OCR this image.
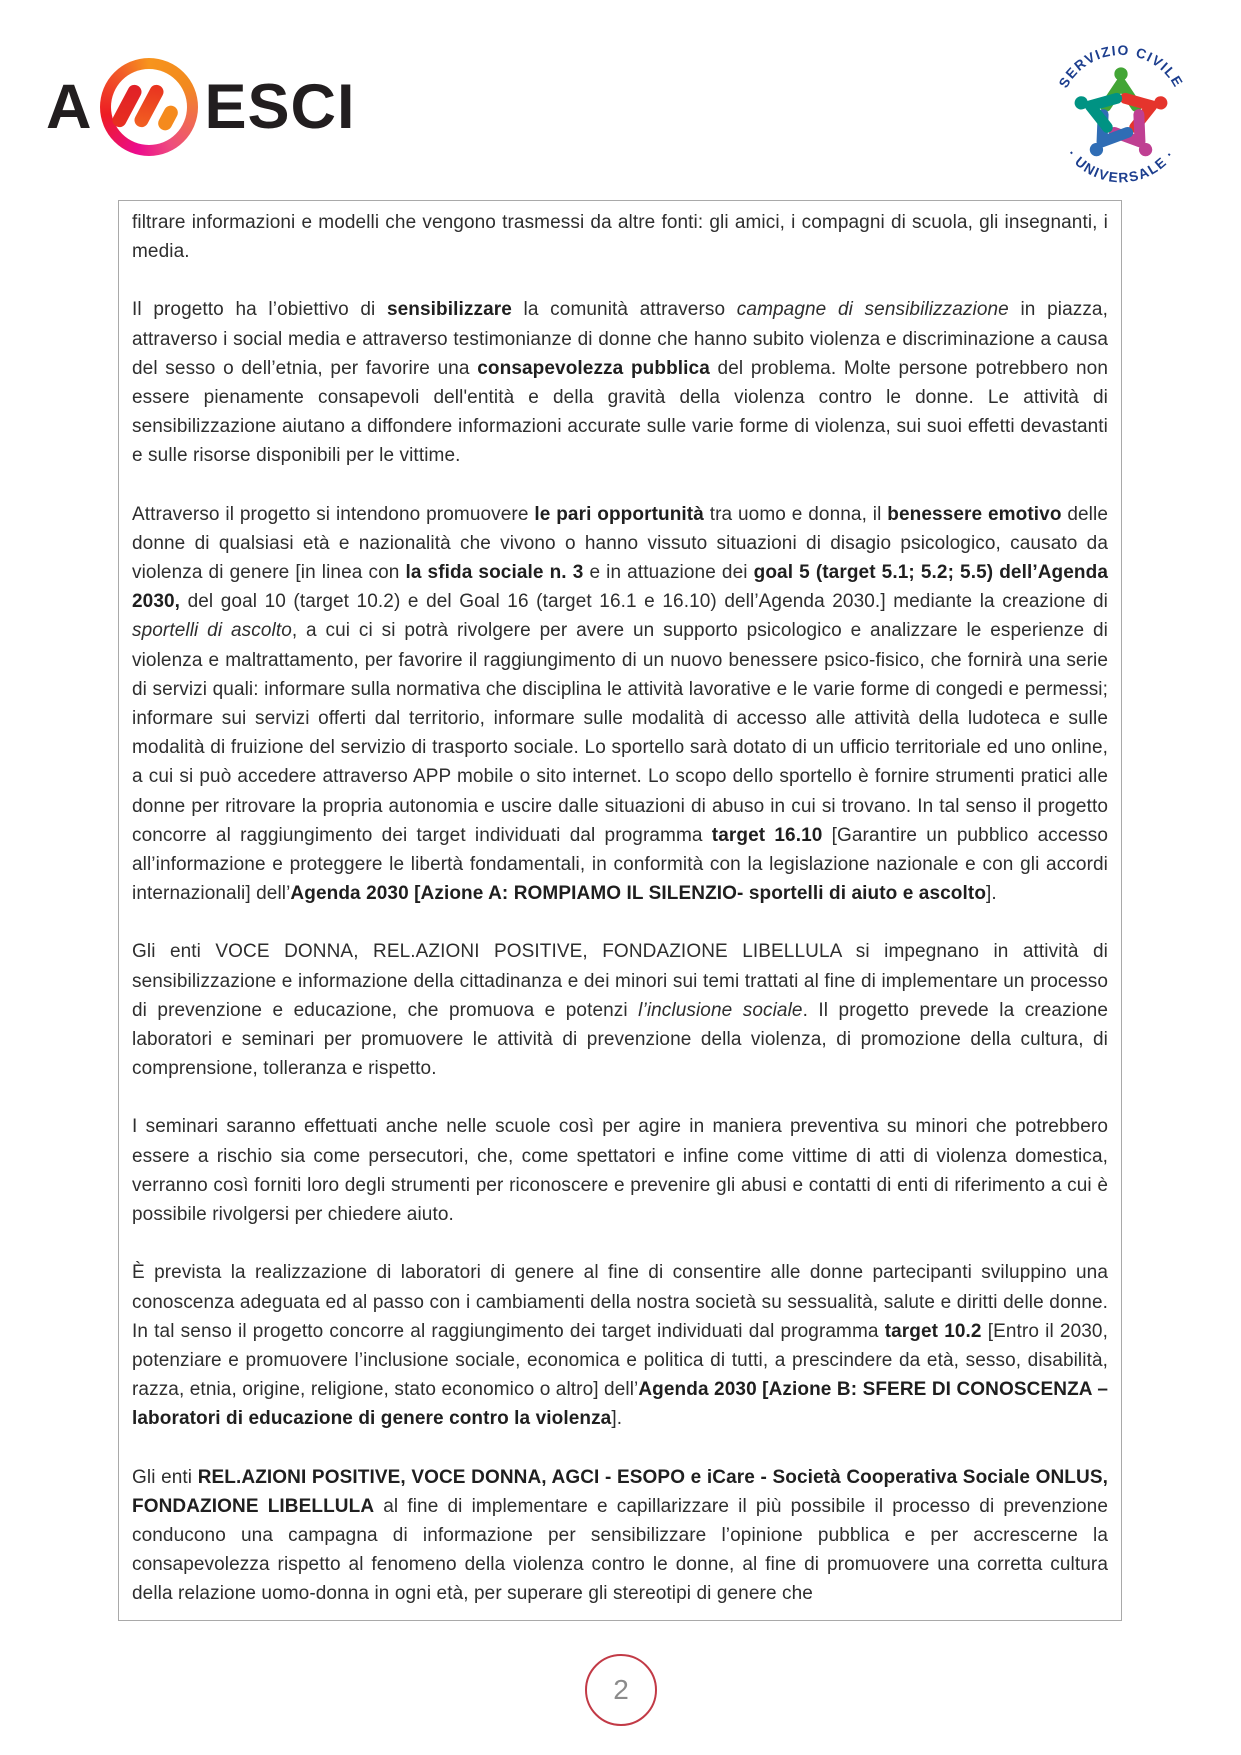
A ESCI	SERVIZIO CIVILE
· UNIVERSALE ·

filtrare informazioni e modelli che vengono trasmessi da altre fonti: gli amici, i compagni di scuola, gli insegnanti, i media.

Il progetto ha l’obiettivo di sensibilizzare la comunità attraverso campagne di sensibilizzazione in piazza, attraverso i social media e attraverso testimonianze di donne che hanno subito violenza e discriminazione a causa del sesso o dell’etnia, per favorire una consapevolezza pubblica del problema. Molte persone potrebbero non essere pienamente consapevoli dell'entità e della gravità della violenza contro le donne. Le attività di sensibilizzazione aiutano a diffondere informazioni accurate sulle varie forme di violenza, sui suoi effetti devastanti e sulle risorse disponibili per le vittime.

Attraverso il progetto si intendono promuovere le pari opportunità tra uomo e donna, il benessere emotivo delle donne di qualsiasi età e nazionalità che vivono o hanno vissuto situazioni di disagio psicologico, causato da violenza di genere [in linea con la sfida sociale n. 3 e in attuazione dei goal 5 (target 5.1; 5.2; 5.5) dell’Agenda 2030, del goal 10 (target 10.2) e del Goal 16 (target 16.1 e 16.10) dell’Agenda 2030.] mediante la creazione di sportelli di ascolto, a cui ci si potrà rivolgere per avere un supporto psicologico e analizzare le esperienze di violenza e maltrattamento, per favorire il raggiungimento di un nuovo benessere psico-fisico, che fornirà una serie di servizi quali: informare sulla normativa che disciplina le attività lavorative e le varie forme di congedi e permessi; informare sui servizi offerti dal territorio, informare sulle modalità di accesso alle attività della ludoteca e sulle modalità di fruizione del servizio di trasporto sociale. Lo sportello sarà dotato di un ufficio territoriale ed uno online, a cui si può accedere attraverso APP mobile o sito internet. Lo scopo dello sportello è fornire strumenti pratici alle donne per ritrovare la propria autonomia e uscire dalle situazioni di abuso in cui si trovano. In tal senso il progetto concorre al raggiungimento dei target individuati dal programma target 16.10 [Garantire un pubblico accesso all’informazione e proteggere le libertà fondamentali, in conformità con la legislazione nazionale e con gli accordi internazionali] dell’Agenda 2030 [Azione A: ROMPIAMO IL SILENZIO- sportelli di aiuto e ascolto].

Gli enti VOCE DONNA, REL.AZIONI POSITIVE, FONDAZIONE LIBELLULA si impegnano in attività di sensibilizzazione e informazione della cittadinanza e dei minori sui temi trattati al fine di implementare un processo di prevenzione e educazione, che promuova e potenzi l’inclusione sociale. Il progetto prevede la creazione laboratori e seminari per promuovere le attività di prevenzione della violenza, di promozione della cultura, di comprensione, tolleranza e rispetto.

I seminari saranno effettuati anche nelle scuole così per agire in maniera preventiva su minori che potrebbero essere a rischio sia come persecutori, che, come spettatori e infine come vittime di atti di violenza domestica, verranno così forniti loro degli strumenti per riconoscere e prevenire gli abusi e contatti di enti di riferimento a cui è possibile rivolgersi per chiedere aiuto.

È prevista la realizzazione di laboratori di genere al fine di consentire alle donne partecipanti sviluppino una conoscenza adeguata ed al passo con i cambiamenti della nostra società su sessualità, salute e diritti delle donne. In tal senso il progetto concorre al raggiungimento dei target individuati dal programma target 10.2 [Entro il 2030, potenziare e promuovere l’inclusione sociale, economica e politica di tutti, a prescindere da età, sesso, disabilità, razza, etnia, origine, religione, stato economico o altro] dell’Agenda 2030 [Azione B: SFERE DI CONOSCENZA – laboratori di educazione di genere contro la violenza].

Gli enti REL.AZIONI POSITIVE, VOCE DONNA, AGCI - ESOPO e iCare - Società Cooperativa Sociale ONLUS, FONDAZIONE LIBELLULA al fine di implementare e capillarizzare il più possibile il processo di prevenzione conducono una campagna di informazione per sensibilizzare l’opinione pubblica e per accrescerne la consapevolezza rispetto al fenomeno della violenza contro le donne, al fine di promuovere una corretta cultura della relazione uomo-donna in ogni età, per superare gli stereotipi di genere che

2
